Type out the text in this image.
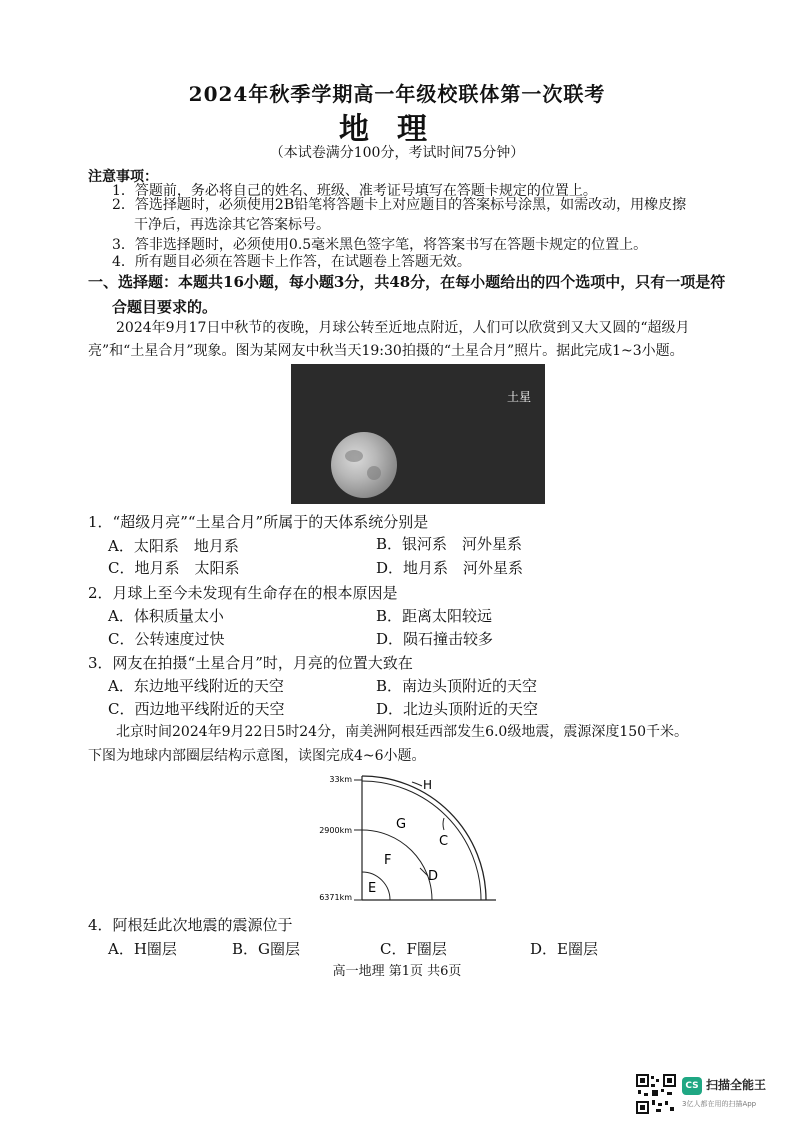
2024年秋季学期高一年级校联体第一次联考
地理
（本试卷满分100分，考试时间75分钟）
注意事项：
1．答题前，务必将自己的姓名、班级、准考证号填写在答题卡规定的位置上。
2．答选择题时，必须使用2B铅笔将答题卡上对应题目的答案标号涂黑，如需改动，用橡皮擦
干净后，再选涂其它答案标号。
3．答非选择题时，必须使用0.5毫米黑色签字笔，将答案书写在答题卡规定的位置上。
4．所有题目必须在答题卡上作答，在试题卷上答题无效。
一、选择题：本题共16小题，每小题3分，共48分，在每小题给出的四个选项中，只有一项是符
合题目要求的。
2024年9月17日中秋节的夜晚，月球公转至近地点附近，人们可以欣赏到又大又圆的“超级月
亮”和“土星合月”现象。图为某网友中秋当天19:30拍摄的“土星合月”照片。据此完成1~3小题。
土星
1．“超级月亮”“土星合月”所属于的天体系统分别是
A．太阳系　地月系	B．银河系　河外星系
C．地月系　太阳系	D．地月系　河外星系
2．月球上至今未发现有生命存在的根本原因是
A．体积质量太小	B．距离太阳较远
C．公转速度过快	D．陨石撞击较多
3．网友在拍摄“土星合月”时，月亮的位置大致在
A．东边地平线附近的天空	B．南边头顶附近的天空
C．西边地平线附近的天空	D．北边头顶附近的天空
北京时间2024年9月22日5时24分，南美洲阿根廷西部发生6.0级地震，震源深度150千米。
下图为地球内部圈层结构示意图，读图完成4~6小题。
33km
2900km
6371km
H
G
C
F
D
E
4．阿根廷此次地震的震源位于
A．H圈层	B．G圈层	C．F圈层	D．E圈层
高一地理 第1页 共6页
CS 扫描全能王
3亿人都在用的扫描App
